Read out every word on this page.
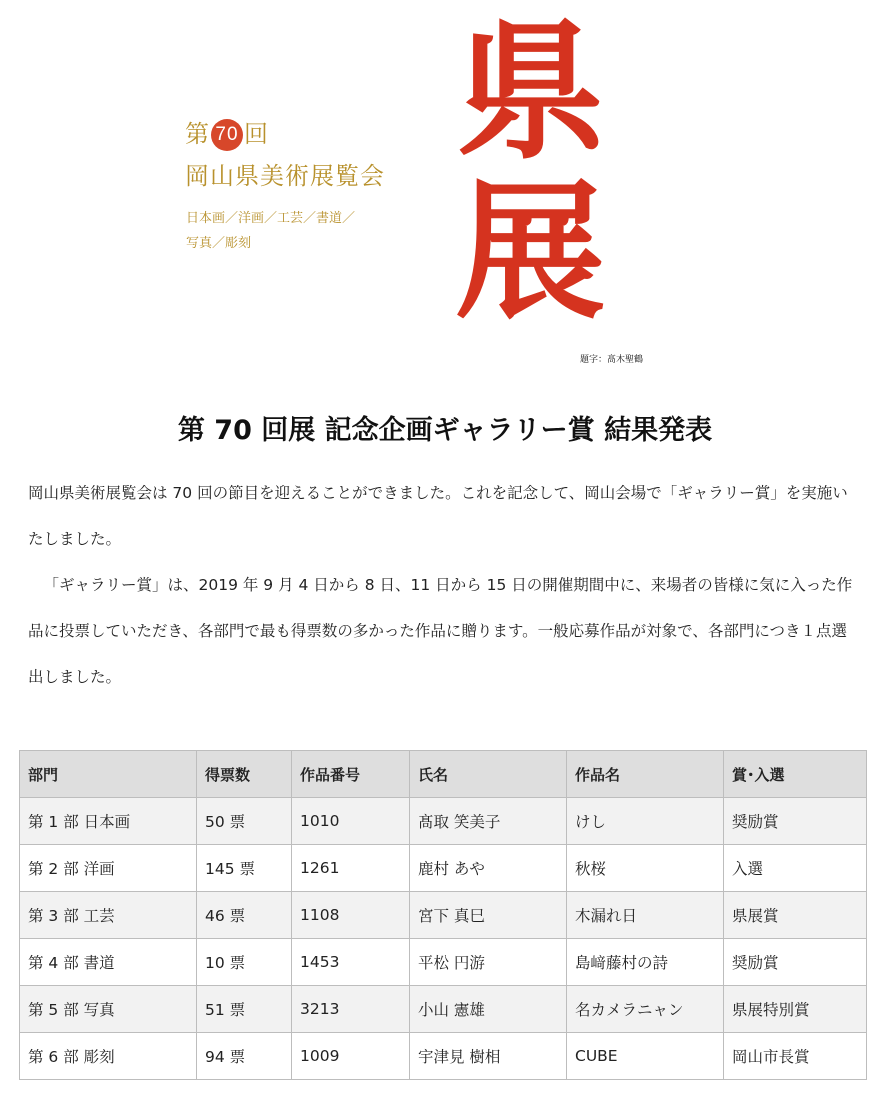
第 70 回
岡山県美術展覧会
日本画／洋画／工芸／書道／
写真／彫刻
県
展
題字：髙木聖鶴
第 70 回展 記念企画ギャラリー賞 結果発表

岡山県美術展覧会は 70 回の節目を迎えることができました。これを記念して、岡山会場で「ギャラリー賞」を実施いたしました。

「ギャラリー賞」は、2019 年 9 月 4 日から 8 日、11 日から 15 日の開催期間中に、来場者の皆様に気に入った作品に投票していただき、各部門で最も得票数の多かった作品に贈ります。一般応募作品が対象で、各部門につき１点選出しました。

部門	得票数	作品番号	氏名	作品名	賞･入選
第 1 部 日本画	50 票	1010	髙取 笑美子	けし	奨励賞
第 2 部 洋画	145 票	1261	鹿村 あや	秋桜	入選
第 3 部 工芸	46 票	1108	宮下 真巳	木漏れ日	県展賞
第 4 部 書道	10 票	1453	平松 円游	島﨑藤村の詩	奨励賞
第 5 部 写真	51 票	3213	小山 憲雄	名カメラニャン	県展特別賞
第 6 部 彫刻	94 票	1009	宇津見 樹相	CUBE	岡山市長賞
